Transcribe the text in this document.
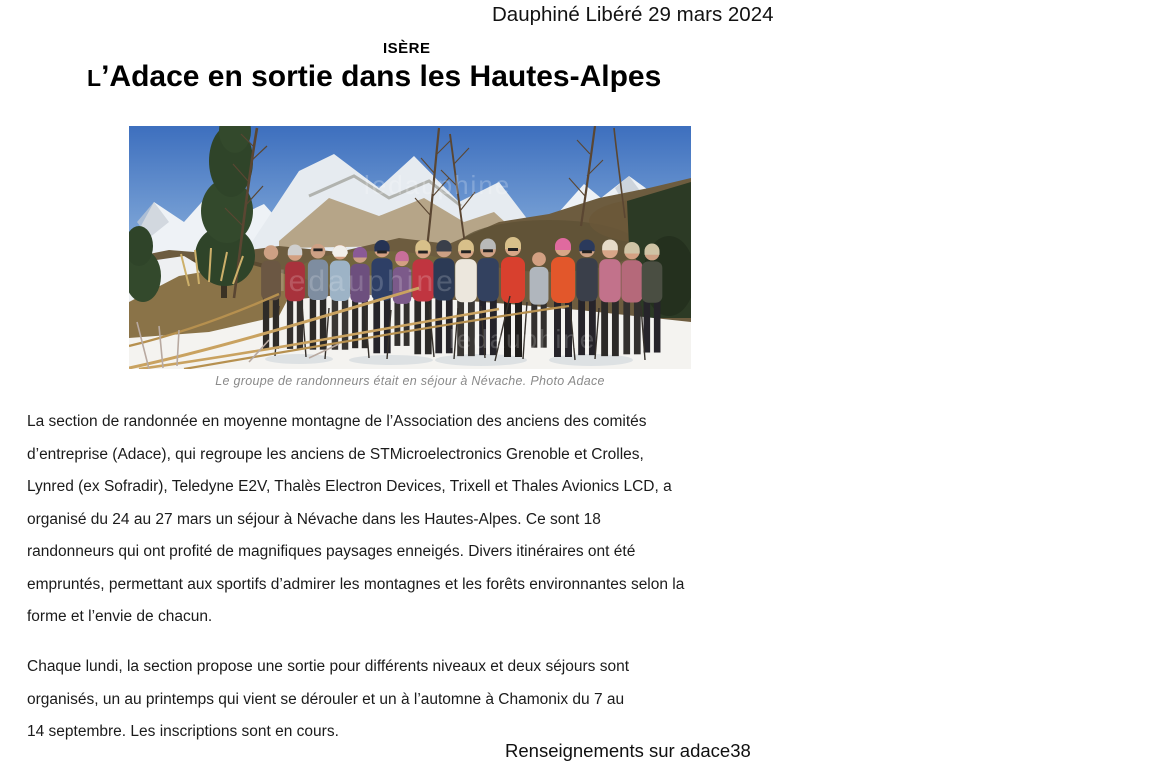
Dauphiné Libéré 29 mars 2024
ISÈRE
L’Adace en sortie dans les Hautes-Alpes
ledauphine
ledauphine
ledauphine
Le groupe de randonneurs était en séjour à Névache. Photo Adace
La section de randonnée en moyenne montagne de l’Association des anciens des comités
d’entreprise (Adace), qui regroupe les anciens de STMicroelectronics Grenoble et Crolles,
Lynred (ex Sofradir), Teledyne E2V, Thalès Electron Devices, Trixell et Thales Avionics LCD, a
organisé du 24 au 27 mars un séjour à Névache dans les Hautes-Alpes. Ce sont 18
randonneurs qui ont profité de magnifiques paysages enneigés. Divers itinéraires ont été
empruntés, permettant aux sportifs d’admirer les montagnes et les forêts environnantes selon la
forme et l’envie de chacun.
Chaque lundi, la section propose une sortie pour différents niveaux et deux séjours sont
organisés, un au printemps qui vient se dérouler et un à l’automne à Chamonix du 7 au
14 septembre. Les inscriptions sont en cours.
Renseignements sur adace38
